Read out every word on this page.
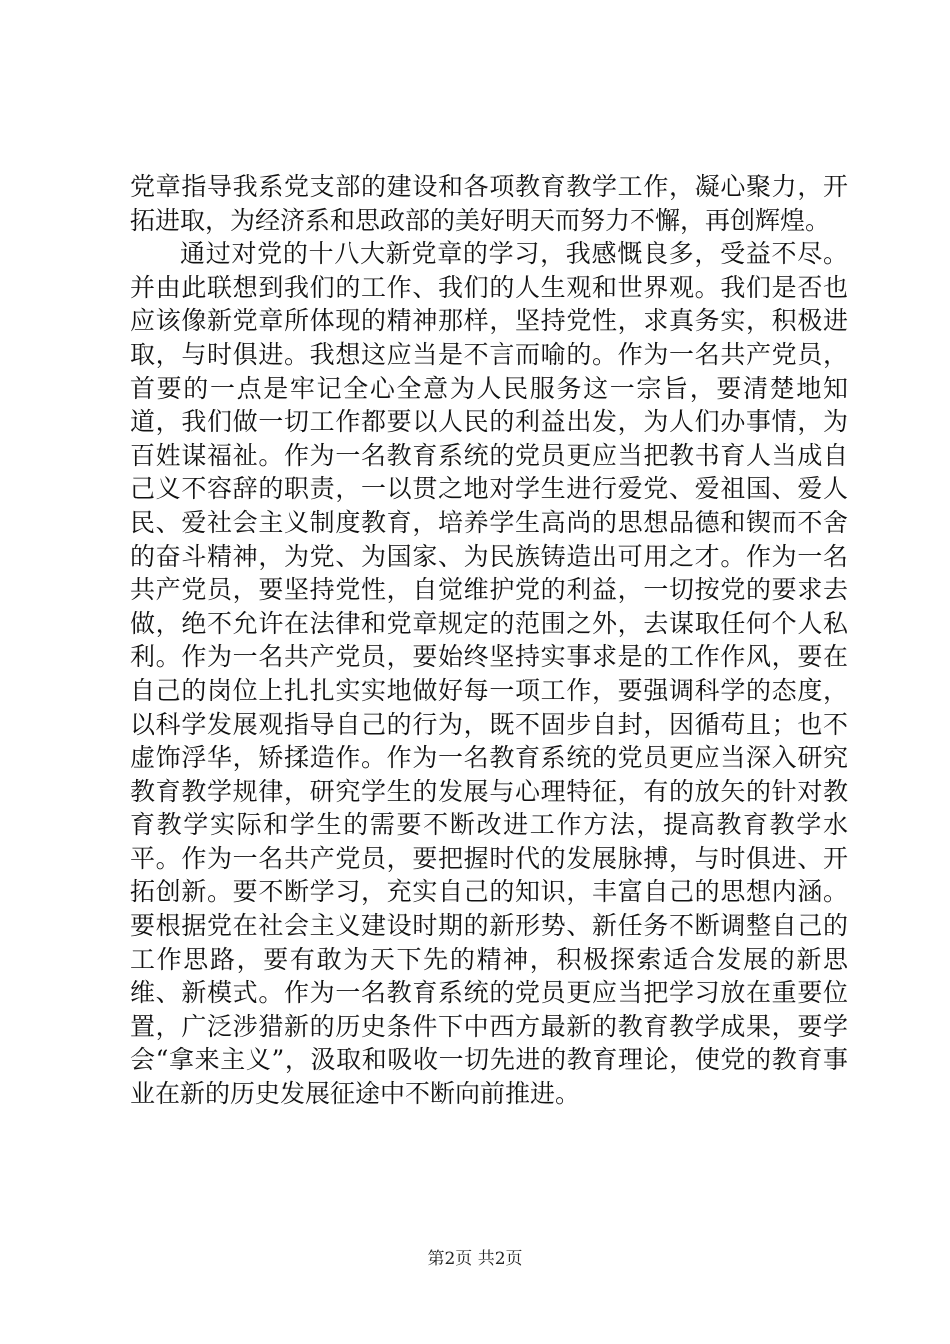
党章指导我系党支部的建设和各项教育教学工作，凝心聚力，开拓进取，为经济系和思政部的美好明天而努力不懈，再创辉煌。

通过对党的十八大新党章的学习，我感慨良多，受益不尽。并由此联想到我们的工作、我们的人生观和世界观。我们是否也应该像新党章所体现的精神那样，坚持党性，求真务实，积极进取，与时俱进。我想这应当是不言而喻的。作为一名共产党员，首要的一点是牢记全心全意为人民服务这一宗旨，要清楚地知道，我们做一切工作都要以人民的利益出发，为人们办事情，为百姓谋福祉。作为一名教育系统的党员更应当把教书育人当成自己义不容辞的职责，一以贯之地对学生进行爱党、爱祖国、爱人民、爱社会主义制度教育，培养学生高尚的思想品德和锲而不舍的奋斗精神，为党、为国家、为民族铸造出可用之才。作为一名共产党员，要坚持党性，自觉维护党的利益，一切按党的要求去做，绝不允许在法律和党章规定的范围之外，去谋取任何个人私利。作为一名共产党员，要始终坚持实事求是的工作作风，要在自己的岗位上扎扎实实地做好每一项工作，要强调科学的态度，以科学发展观指导自己的行为，既不固步自封，因循苟且；也不虚饰浮华，矫揉造作。作为一名教育系统的党员更应当深入研究教育教学规律，研究学生的发展与心理特征，有的放矢的针对教育教学实际和学生的需要不断改进工作方法，提高教育教学水平。作为一名共产党员，要把握时代的发展脉搏，与时俱进、开拓创新。要不断学习，充实自己的知识，丰富自己的思想内涵。要根据党在社会主义建设时期的新形势、新任务不断调整自己的工作思路，要有敢为天下先的精神，积极探索适合发展的新思维、新模式。作为一名教育系统的党员更应当把学习放在重要位置，广泛涉猎新的历史条件下中西方最新的教育教学成果，要学会“拿来主义”，汲取和吸收一切先进的教育理论，使党的教育事业在新的历史发展征途中不断向前推进。

第2页 共2页
